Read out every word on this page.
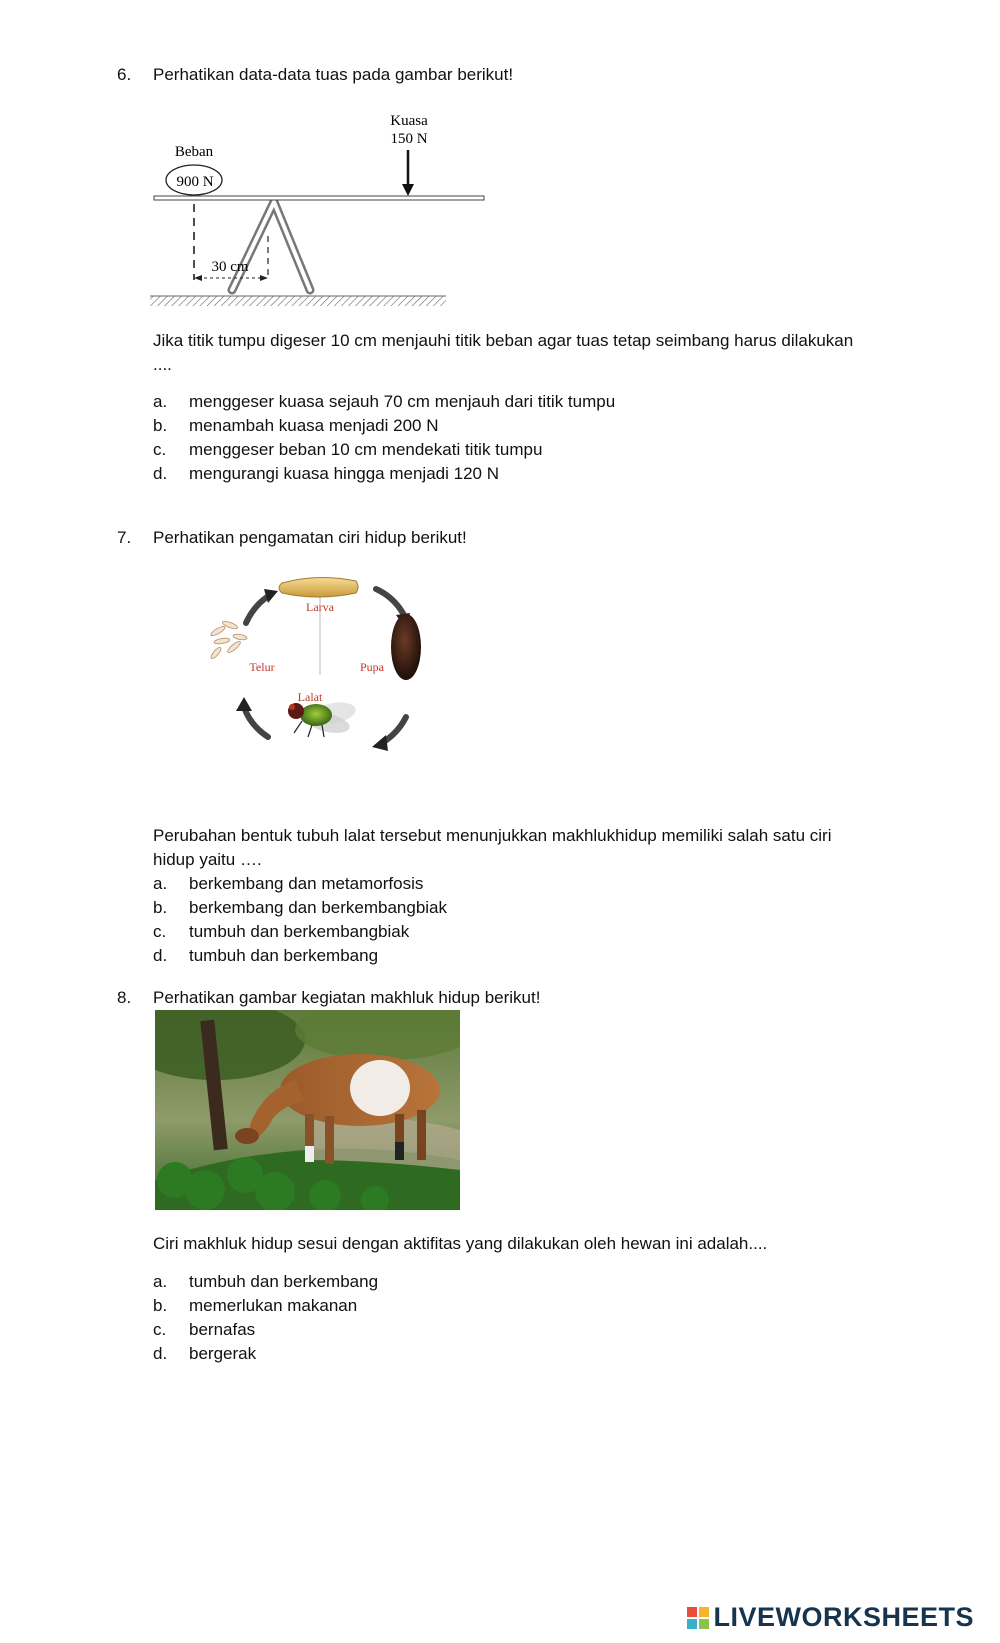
6. Perhatikan data-data tuas pada gambar berikut!
Beban
900 N
Kuasa
150 N
30 cm
Jika titik tumpu digeser 10 cm menjauhi titik beban agar tuas tetap seimbang harus dilakukan ....
a.	menggeser kuasa sejauh 70 cm menjauh dari titik tumpu
b.	menambah kuasa menjadi 200 N
c.	menggeser beban 10 cm mendekati titik tumpu
d.	mengurangi kuasa hingga menjadi 120 N
7. Perhatikan pengamatan ciri hidup berikut!
Larva
Pupa
Lalat
Telur
Perubahan bentuk tubuh lalat tersebut menunjukkan makhlukhidup memiliki salah satu ciri hidup yaitu ….
a.	berkembang dan metamorfosis
b.	berkembang dan berkembangbiak
c.	tumbuh dan berkembangbiak
d.	tumbuh dan berkembang
8. Perhatikan gambar kegiatan makhluk hidup berikut!
Ciri makhluk hidup sesui dengan aktifitas yang dilakukan oleh hewan ini adalah....
a.	tumbuh dan berkembang
b.	memerlukan makanan
c.	bernafas
d.	bergerak
LIVEWORKSHEETS
